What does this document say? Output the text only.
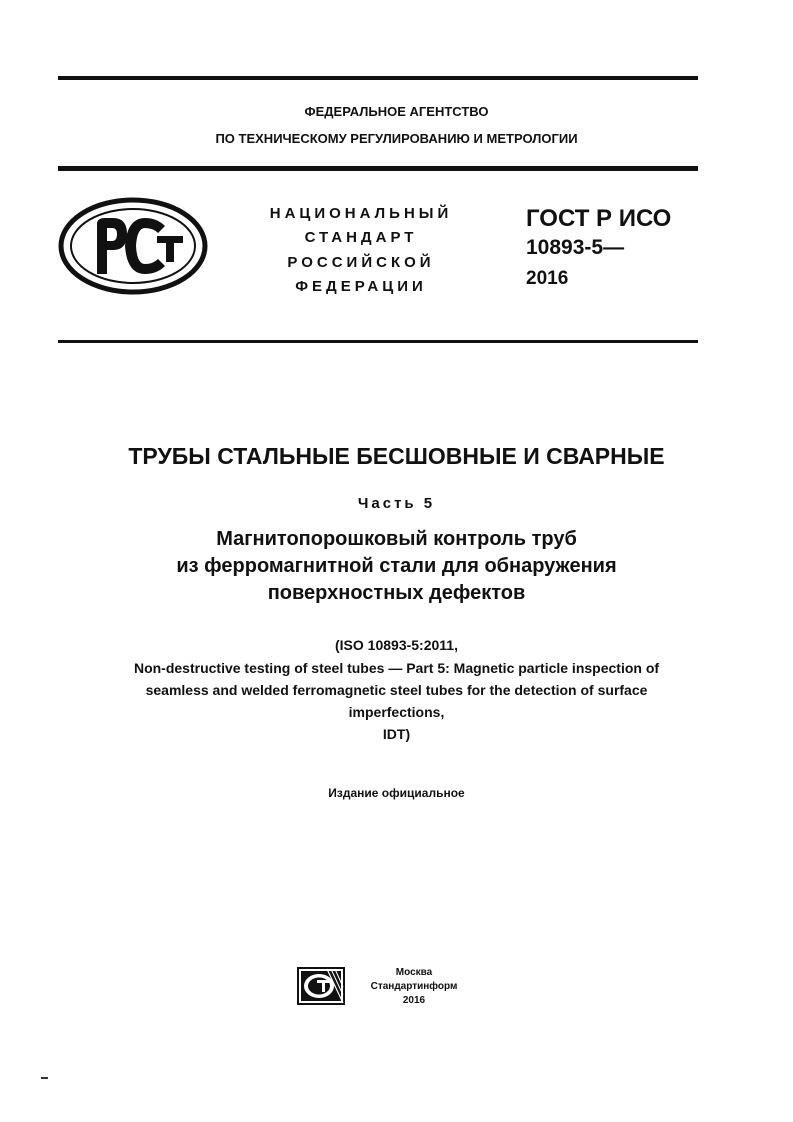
ФЕДЕРАЛЬНОЕ АГЕНТСТВО
ПО ТЕХНИЧЕСКОМУ РЕГУЛИРОВАНИЮ И МЕТРОЛОГИИ
НАЦИОНАЛЬНЫЙ
СТАНДАРТ
РОССИЙСКОЙ
ФЕДЕРАЦИИ
ГОСТ Р ИСО
10893-5—
2016
ТРУБЫ СТАЛЬНЫЕ БЕСШОВНЫЕ И СВАРНЫЕ
Часть 5
Магнитопорошковый контроль труб
из ферромагнитной стали для обнаружения
поверхностных дефектов
(ISO 10893-5:2011,
Non-destructive testing of steel tubes — Part 5: Magnetic particle inspection of
seamless and welded ferromagnetic steel tubes for the detection of surface
imperfections,
IDT)
Издание официальное
Москва
Стандартинформ
2016
